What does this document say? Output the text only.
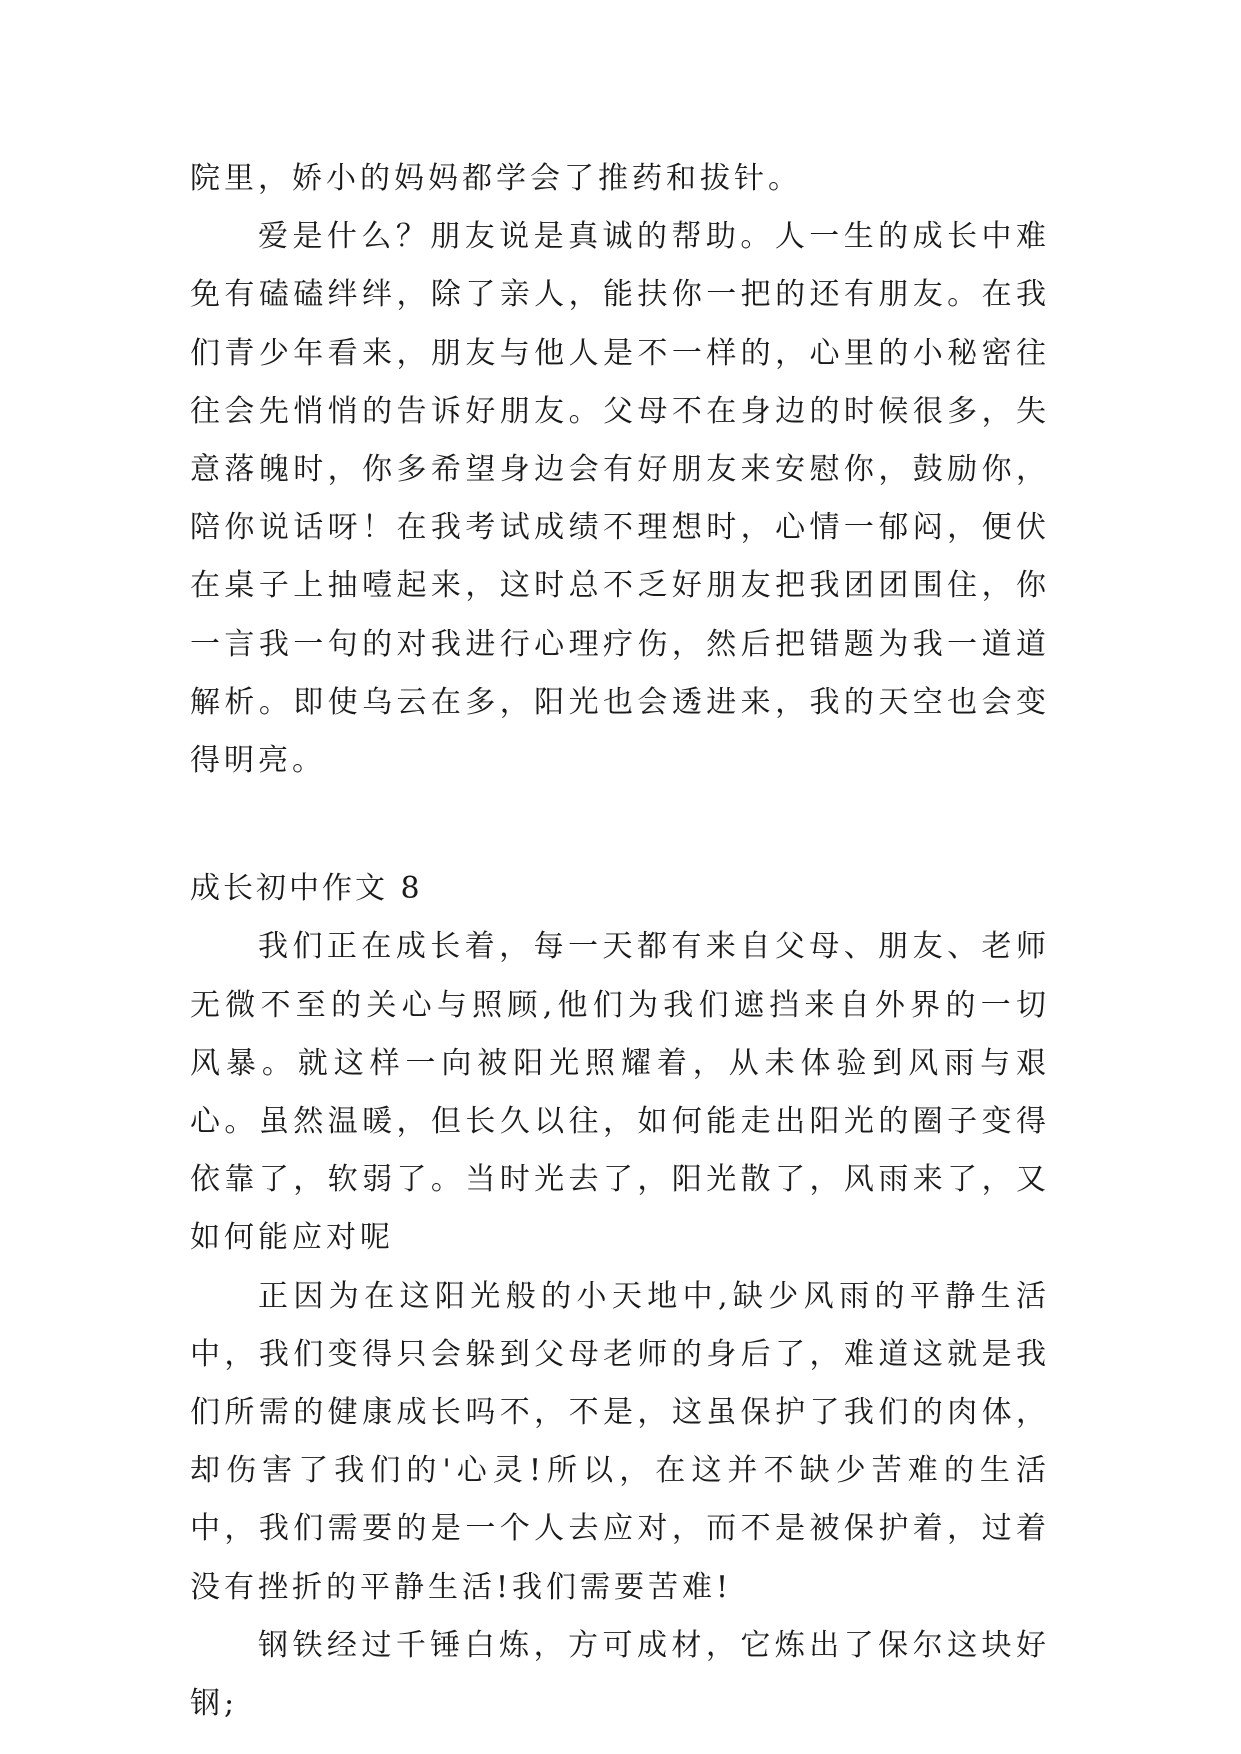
院里，娇小的妈妈都学会了推药和拔针。

爱是什么？朋友说是真诚的帮助。人一生的成长中难免有磕磕绊绊，除了亲人，能扶你一把的还有朋友。在我们青少年看来，朋友与他人是不一样的，心里的小秘密往往会先悄悄的告诉好朋友。父母不在身边的时候很多，失意落魄时，你多希望身边会有好朋友来安慰你，鼓励你，陪你说话呀！在我考试成绩不理想时，心情一郁闷，便伏在桌子上抽噎起来，这时总不乏好朋友把我团团围住，你一言我一句的对我进行心理疗伤，然后把错题为我一道道解析。即使乌云在多，阳光也会透进来，我的天空也会变得明亮。

成长初中作文 8

我们正在成长着，每一天都有来自父母、朋友、老师无微不至的关心与照顾,他们为我们遮挡来自外界的一切风暴。就这样一向被阳光照耀着，从未体验到风雨与艰心。虽然温暖，但长久以往，如何能走出阳光的圈子变得依靠了，软弱了。当时光去了，阳光散了，风雨来了，又如何能应对呢

正因为在这阳光般的小天地中,缺少风雨的平静生活中，我们变得只会躲到父母老师的身后了，难道这就是我们所需的健康成长吗不，不是，这虽保护了我们的肉体，却伤害了我们的'心灵!所以，在这并不缺少苦难的生活中，我们需要的是一个人去应对，而不是被保护着，过着没有挫折的平静生活!我们需要苦难!

钢铁经过千锤白炼，方可成材，它炼出了保尔这块好钢;
